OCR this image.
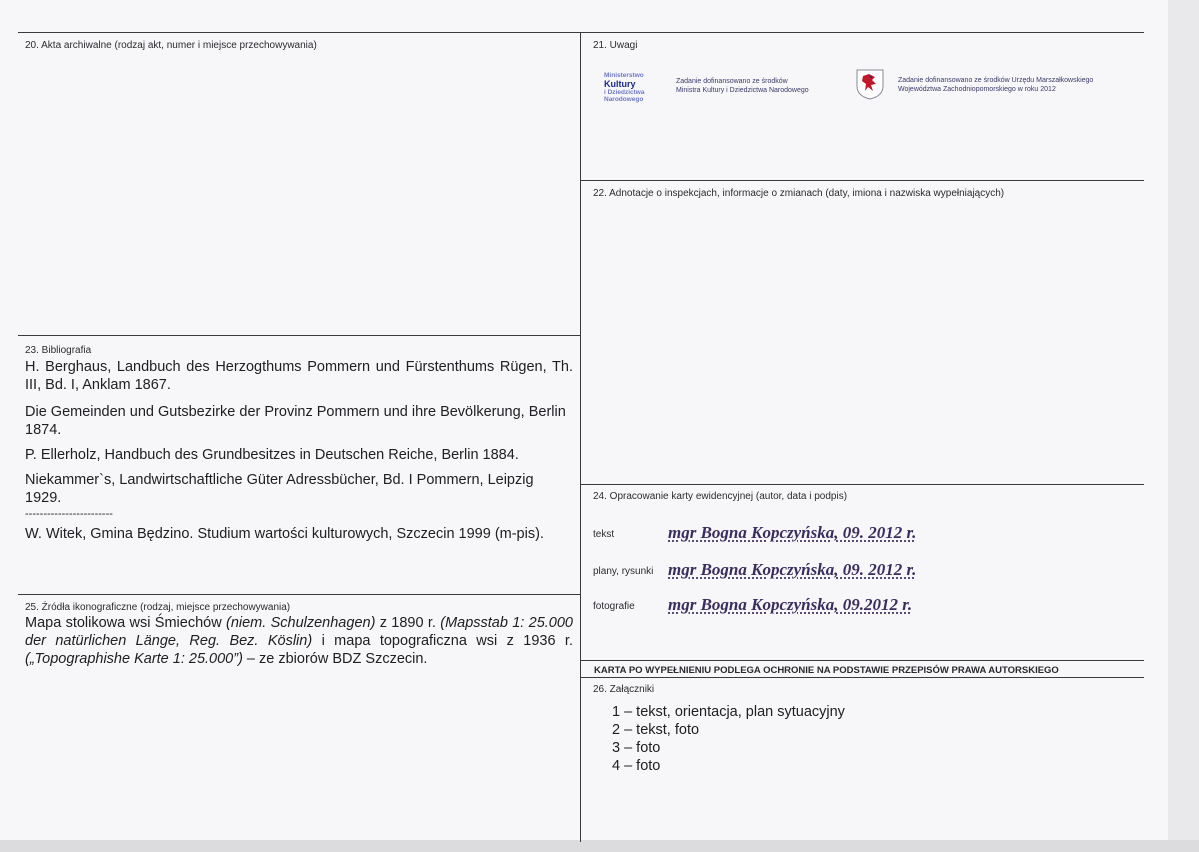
20. Akta archiwalne (rodzaj akt, numer i miejsce przechowywania)	21. Uwagi
Ministerstwo
Kultury
i Dziedzictwa
Narodowego
Zadanie dofinansowano ze środków
Ministra Kultury i Dziedzictwa Narodowego
Zadanie dofinansowano ze środków Urzędu Marszałkowskiego
Województwa Zachodniopomorskiego w roku 2012
22. Adnotacje o inspekcjach, informacje o zmianach (daty, imiona i nazwiska wypełniających)
23. Bibliografia
H. Berghaus, Landbuch des Herzogthums Pommern und Fürstenthums Rügen, Th. III, Bd. I, Anklam 1867.
Die Gemeinden und Gutsbezirke der Provinz Pommern und ihre Bevölkerung, Berlin 1874.
P. Ellerholz, Handbuch des Grundbesitzes in Deutschen Reiche, Berlin 1884.
Niekammer`s, Landwirtschaftliche Güter Adressbücher, Bd. I Pommern, Leipzig 1929.
------------------------
W. Witek, Gmina Będzino. Studium wartości kulturowych, Szczecin 1999 (m-pis).
24. Opracowanie karty ewidencyjnej (autor, data i podpis)
tekst	mgr Bogna Kopczyńska, 09. 2012 r.
plany, rysunki mgr Bogna Kopczyńska, 09. 2012 r.
fotografie mgr Bogna Kopczyńska, 09.2012 r.
25. Źródła ikonograficzne (rodzaj, miejsce przechowywania)
Mapa stolikowa wsi Śmiechów (niem. Schulzenhagen) z 1890 r. (Mapsstab 1: 25.000 der natürlichen Länge, Reg. Bez. Köslin) i mapa topograficzna wsi z 1936 r. („Topographishe Karte 1: 25.000”) – ze zbiorów BDZ Szczecin.
KARTA PO WYPEŁNIENIU PODLEGA OCHRONIE NA PODSTAWIE PRZEPISÓW PRAWA AUTORSKIEGO
26. Załączniki
1 – tekst, orientacja, plan sytuacyjny
2 – tekst, foto
3 – foto
4 – foto
